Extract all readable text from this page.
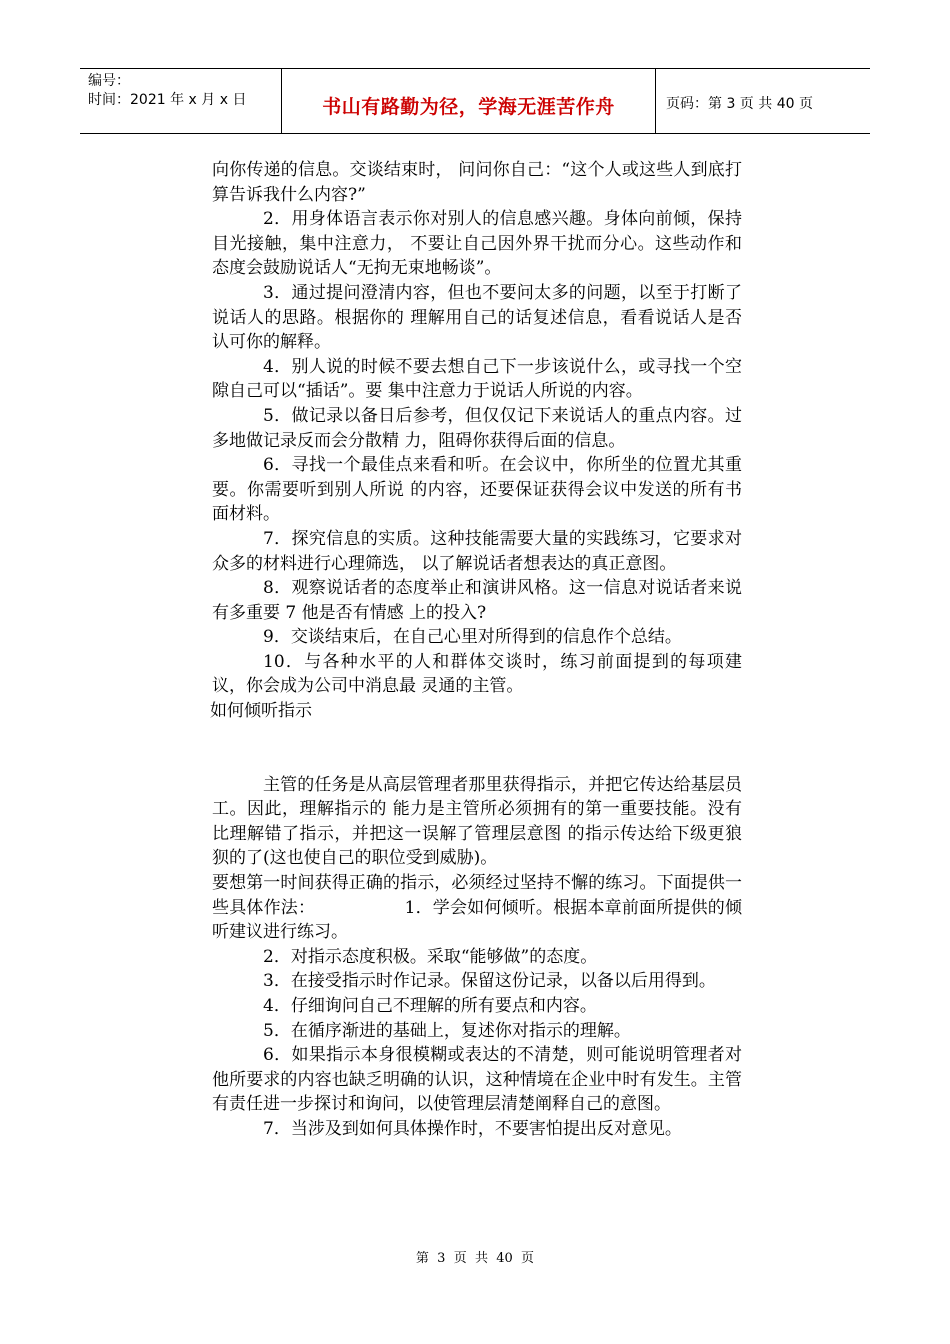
编号：
时间：2021 年 x 月 x 日	书山有路勤为径，学海无涯苦作舟	页码：第 3 页 共 40 页

向你传递的信息。交谈结束时， 问问你自己：“这个人或这些人到底打算告诉我什么内容?”

2．用身体语言表示你对别人的信息感兴趣。身体向前倾，保持目光接触，集中注意力， 不要让自己因外界干扰而分心。这些动作和态度会鼓励说话人“无拘无束地畅谈”。

3．通过提问澄清内容，但也不要问太多的问题，以至于打断了说话人的思路。根据你的 理解用自己的话复述信息，看看说话人是否认可你的解释。

4．别人说的时候不要去想自己下一步该说什么，或寻找一个空隙自己可以“插话”。要 集中注意力于说话人所说的内容。

5．做记录以备日后参考，但仅仅记下来说话人的重点内容。过多地做记录反而会分散精 力，阻碍你获得后面的信息。

6．寻找一个最佳点来看和听。在会议中，你所坐的位置尤其重要。你需要听到别人所说 的内容，还要保证获得会议中发送的所有书面材料。

7．探究信息的实质。这种技能需要大量的实践练习，它要求对众多的材料进行心理筛选， 以了解说话者想表达的真正意图。

8．观察说话者的态度举止和演讲风格。这一信息对说话者来说有多重要 7 他是否有情感 上的投入?

9．交谈结束后，在自己心里对所得到的信息作个总结。

10．与各种水平的人和群体交谈时，练习前面提到的每项建议，你会成为公司中消息最 灵通的主管。

如何倾听指示

主管的任务是从高层管理者那里获得指示，并把它传达给基层员工。因此，理解指示的 能力是主管所必须拥有的第一重要技能。没有比理解错了指示，并把这一误解了管理层意图 的指示传达给下级更狼狈的了(这也使自己的职位受到威胁)。

要想第一时间获得正确的指示，必须经过坚持不懈的练习。下面提供一些具体作法：                1．学会如何倾听。根据本章前面所提供的倾听建议进行练习。

2．对指示态度积极。采取“能够做”的态度。

3．在接受指示时作记录。保留这份记录，以备以后用得到。

4．仔细询问自己不理解的所有要点和内容。

5．在循序渐进的基础上，复述你对指示的理解。

6．如果指示本身很模糊或表达的不清楚，则可能说明管理者对他所要求的内容也缺乏明确的认识，这种情境在企业中时有发生。主管有责任进一步探讨和询问，以使管理层清楚阐释自己的意图。

7．当涉及到如何具体操作时，不要害怕提出反对意见。

第  3  页  共  40  页
